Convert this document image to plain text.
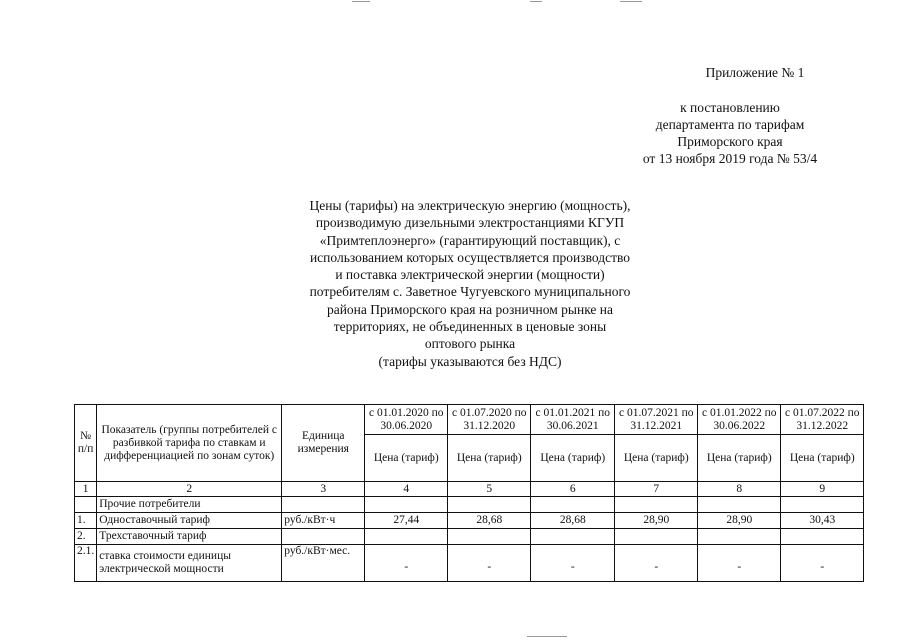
Приложение № 1
к постановлению
департамента по тарифам
Приморского края
от 13 ноября 2019 года № 53/4
Цены (тарифы) на электрическую энергию (мощность),
производимую дизельными электростанциями КГУП
«Примтеплоэнерго» (гарантирующий поставщик), с
использованием которых осуществляется производство
и поставка электрической энергии (мощности)
потребителям с. Заветное Чугуевского муниципального
района Приморского края на розничном рынке на
территориях, не объединенных в ценовые зоны
оптового рынка
(тарифы указываются без НДС)
№ п/п	Показатель (группы потребителей с разбивкой тарифа по ставкам и дифференциацией по зонам суток)	Единица измерения	с 01.01.2020 по 30.06.2020	с 01.07.2020 по 31.12.2020	с 01.01.2021 по 30.06.2021	с 01.07.2021 по 31.12.2021	с 01.01.2022 по 30.06.2022	с 01.07.2022 по 31.12.2022
			Цена (тариф)	Цена (тариф)	Цена (тариф)	Цена (тариф)	Цена (тариф)	Цена (тариф)
1	2	3	4	5	6	7	8	9
	Прочие потребители							
1.	Одноставочный тариф	руб./кВт·ч	27,44	28,68	28,68	28,90	28,90	30,43
2.	Трехставочный тариф							
2.1.	ставка стоимости единицы электрической мощности	руб./кВт·мес.	-	-	-	-	-	-
